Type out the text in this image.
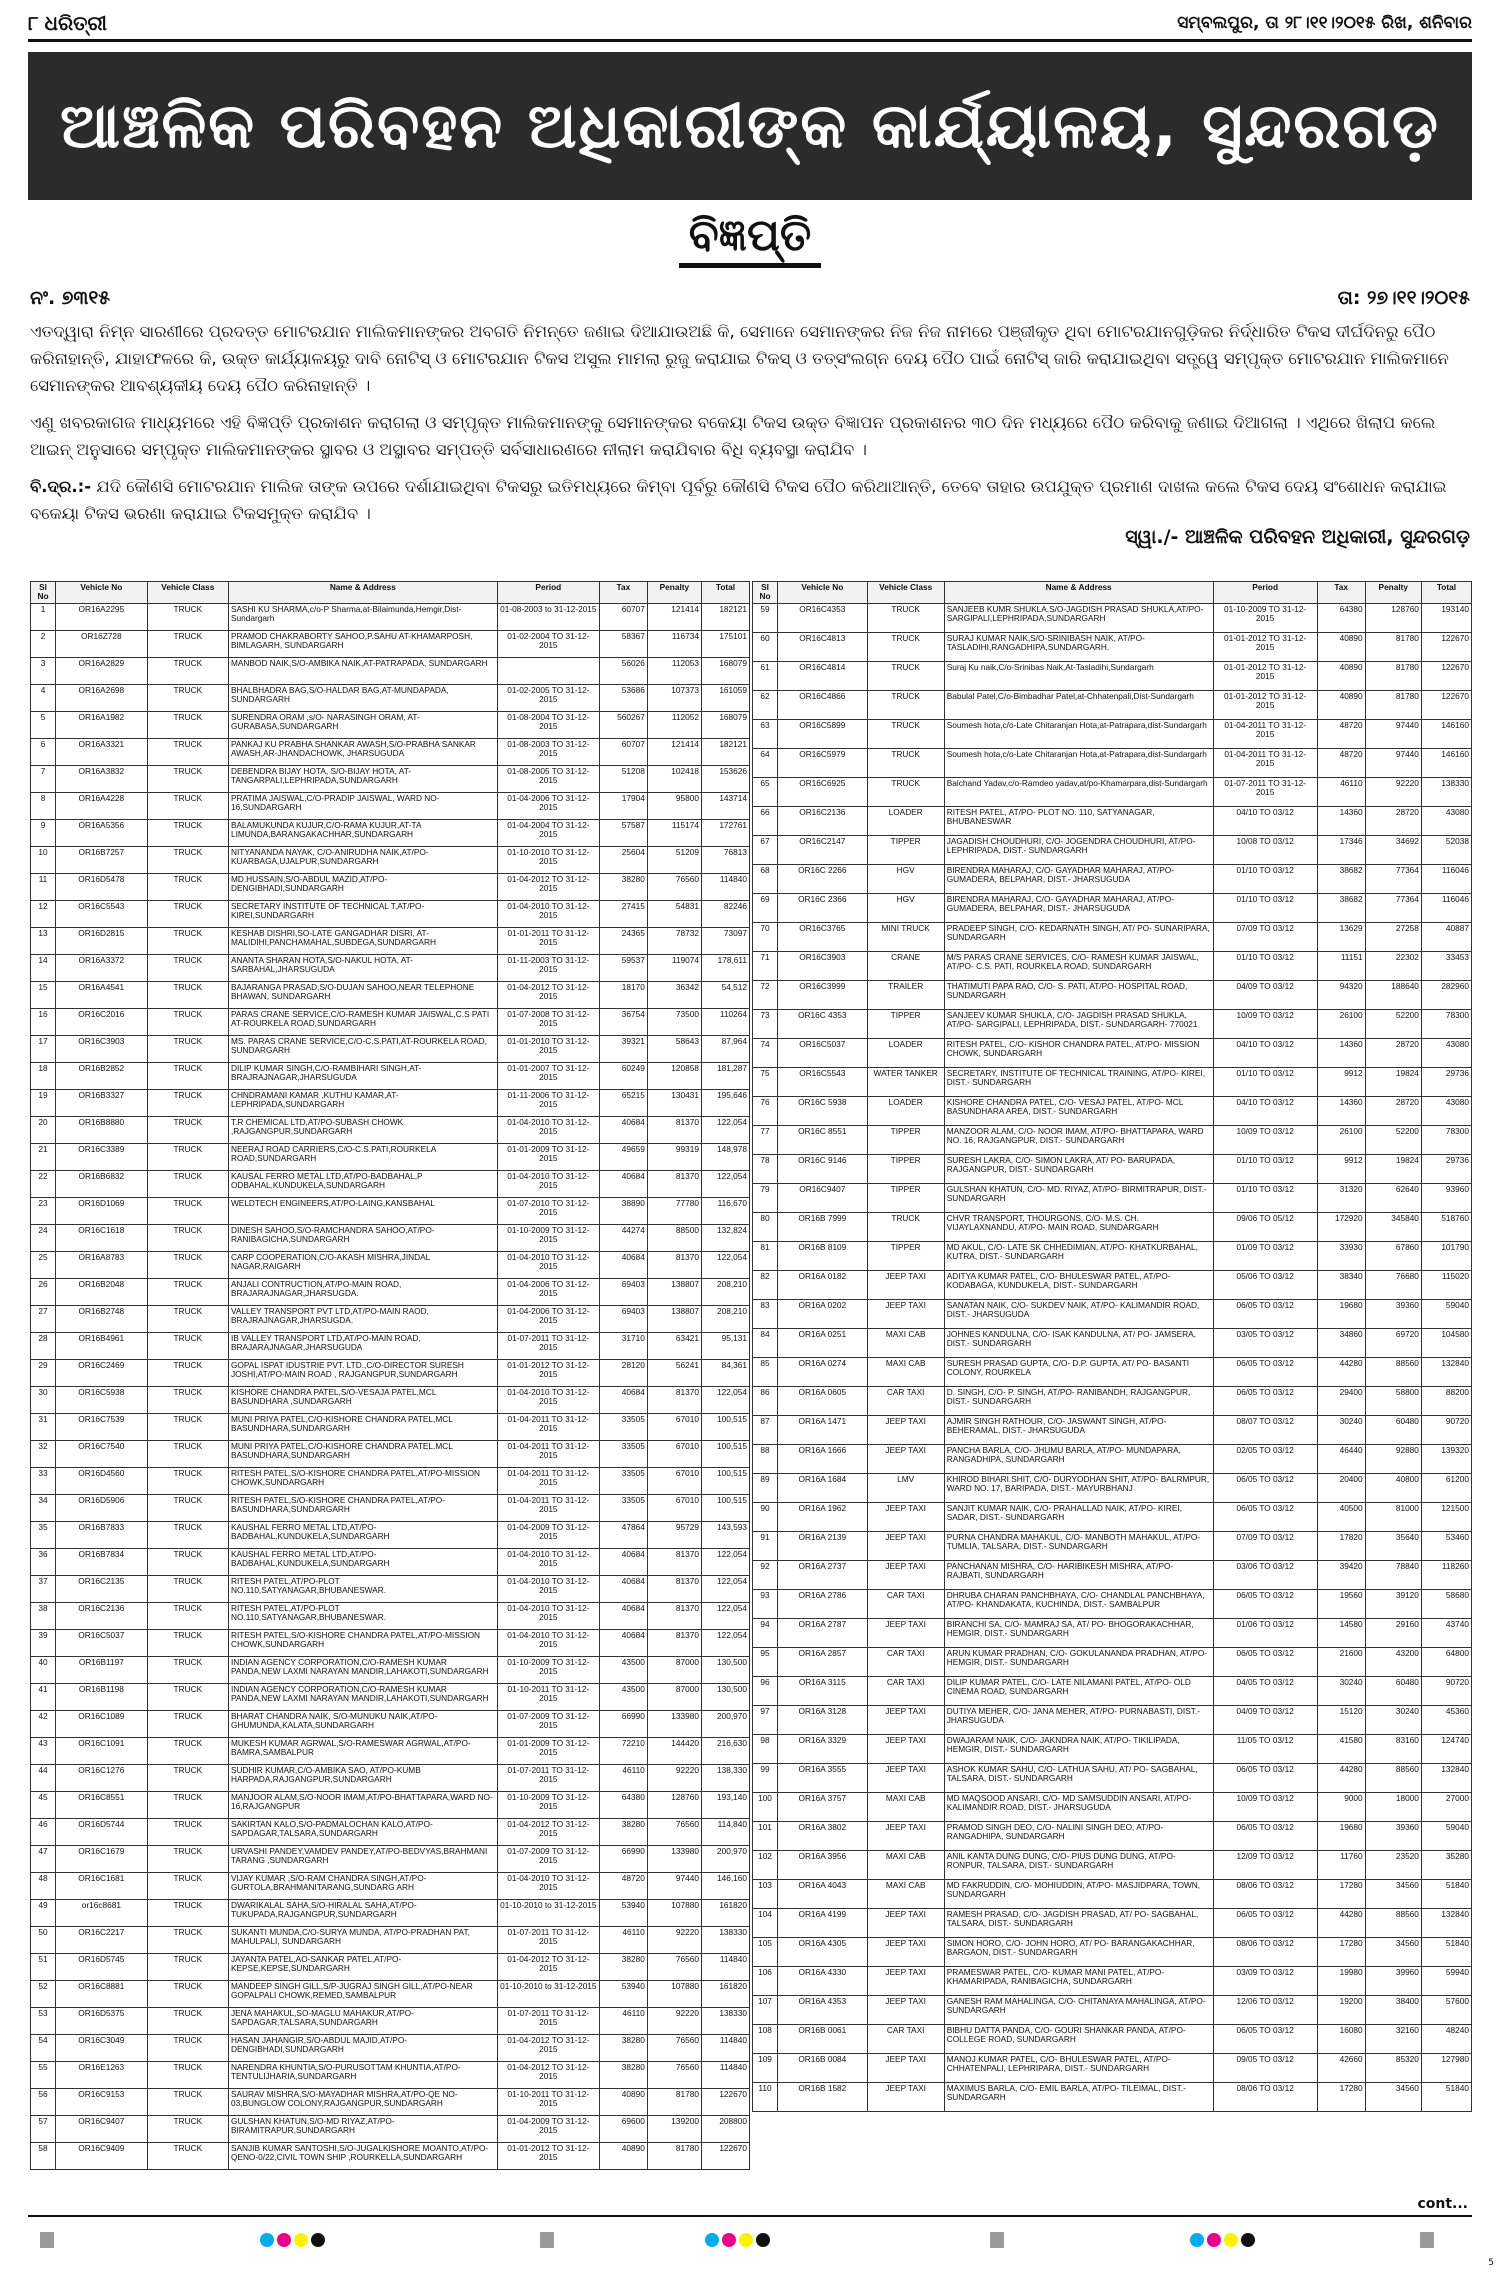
୮ ଧରିତ୍ରୀ	ସମ୍ବଲପୁର, ତା ୨୮।୧୧।୨୦୧୫ ରିଖ, ଶନିବାର
ଆଞ୍ଚଳିକ ପରିବହନ ଅଧିକାରୀଙ୍କ କାର୍ଯ୍ୟାଳୟ, ସୁନ୍ଦରଗଡ଼
ବିଜ୍ଞପ୍ତି
ନଂ. ୭୩୧୫	ତା: ୨୭।୧୧।୨୦୧୫

ଏତଦ୍ୱାରା ନିମ୍ନ ସାରଣୀରେ ପ୍ରଦତ୍ତ ମୋଟରଯାନ ମାଲିକମାନଙ୍କର ଅବଗତି ନିମନ୍ତେ ଜଣାଇ ଦିଆଯାଉଅଛି କି, ସେମାନେ ସେମାନଙ୍କର ନିଜ ନିଜ ନାମରେ ପଞ୍ଜୀକୃତ ଥିବା ମୋଟରଯାନଗୁଡ଼ିକର ନିର୍ଦ୍ଧାରିତ ଟିକସ ଦୀର୍ଘଦିନରୁ ପୈଠ କରିନାହାନ୍ତି, ଯାହାଫଳରେ କି, ଉକ୍ତ କାର୍ଯ୍ୟାଳୟରୁ ଦାବି ନୋଟିସ୍ ଓ ମୋଟରଯାନ ଟିକସ ଅସୁଲ ମାମଲା ରୁଜୁ କରାଯାଇ ଟିକସ୍ ଓ ତତ୍‌ସଂଲଗ୍ନ ଦେୟ ପୈଠ ପାଇଁ ନୋଟିସ୍ ଜାରି କରାଯାଇଥିବା ସତ୍ତ୍ୱେ ସମ୍ପୃକ୍ତ ମୋଟରଯାନ ମାଲିକମାନେ ସେମାନଙ୍କର ଆବଶ୍ୟକୀୟ ଦେୟ ପୈଠ କରିନାହାନ୍ତି ।

ଏଣୁ ଖବରକାଗଜ ମାଧ୍ୟମରେ ଏହି ବିଜ୍ଞପ୍ତି ପ୍ରକାଶନ କରାଗଲା ଓ ସମ୍ପୃକ୍ତ ମାଲିକମାନଙ୍କୁ ସେମାନଙ୍କର ବକେୟା ଟିକସ ଉକ୍ତ ବିଜ୍ଞାପନ ପ୍ରକାଶନର ୩୦ ଦିନ ମଧ୍ୟରେ ପୈଠ କରିବାକୁ ଜଣାଇ ଦିଆଗଲା । ଏଥିରେ ଖିଲାପ କଲେ ଆଇନ୍ ଅନୁସାରେ ସମ୍ପୃକ୍ତ ମାଲିକମାନଙ୍କର ସ୍ଥାବର ଓ ଅସ୍ଥାବର ସମ୍ପତ୍ତି ସର୍ବସାଧାରଣରେ ନୀଲାମ କରାଯିବାର ବିଧି ବ୍ୟବସ୍ଥା କରାଯିବ ।

ବି.ଦ୍ର.:- ଯଦି କୌଣସି ମୋଟରଯାନ ମାଲିକ ତାଙ୍କ ଉପରେ ଦର୍ଶାଯାଇଥିବା ଟିକସରୁ ଇତିମଧ୍ୟରେ କିମ୍ବା ପୂର୍ବରୁ କୌଣସି ଟିକସ ପୈଠ କରିଥାଆନ୍ତି, ତେବେ ତାହାର ଉପଯୁକ୍ତ ପ୍ରମାଣ ଦାଖଲ କଲେ ଟିକସ ଦେୟ ସଂଶୋଧନ କରାଯାଇ ବକେୟା ଟିକସ ଭରଣା କରାଯାଇ ଟିକସମୁକ୍ତ କରାଯିବ ।

ସ୍ୱା./- ଆଞ୍ଚଳିକ ପରିବହନ ଅଧିକାରୀ, ସୁନ୍ଦରଗଡ଼
Sl No	Vehicle No	Vehicle Class	Name & Address	Period	Tax	Penalty	Total
1	OR16A2295	TRUCK	SASHI KU SHARMA,c/o-P Sharma,at-Bilaimunda,Hemgir,Dist-Sundargarh	01-08-2003 to 31-12-2015	60707	121414	182121
2	OR16Z728	TRUCK	PRAMOD CHAKRABORTY SAHOO,P.SAHU AT-KHAMARPOSH, BIMLAGARH, SUNDARGARH	01-02-2004 TO 31-12-2015	58367	116734	175101
3	OR16A2829	TRUCK	MANBOD NAIK,S/O-AMBIKA NAIK,AT-PATRAPADA, SUNDARGARH		56026	112053	168079
4	OR16A2698	TRUCK	BHALBHADRA BAG,S/O-HALDAR BAG,AT-MUNDAPADA, SUNDARGARH	01-02-2005 TO 31-12-2015	53686	107373	161059
5	OR16A1982	TRUCK	SURENDRA ORAM ,s/O- NARASINGH ORAM, AT-GURABASA,SUNDARGARH	01-08-2004 TO 31-12-2015	560267	112052	168079
6	OR16A3321	TRUCK	PANKAJ KU PRABHA SHANKAR AWASH,S/O-PRABHA SANKAR AWASH,AR-JHANDACHOWK, JHARSUGUDA	01-08-2003 TO 31-12-2015	60707	121414	182121
7	OR16A3832	TRUCK	DEBENDRA BIJAY HOTA, S/O-BIJAY HOTA, AT-TANGARPALI,LEPHRIPADA,SUNDARGARH	01-08-2005 TO 31-12-2015	51208	102418	153626
8	OR16A4228	TRUCK	PRATIMA JAISWAL,C/O-PRADIP JAISWAL, WARD NO-16,SUNDARGARH	01-04-2006 TO 31-12-2015	17904	95800	143714
9	OR16A5356	TRUCK	BALAMUKUNDA KUJUR,C/O-RAMA KUJUR,AT-TA LIMUNDA,BARANGAKACHHAR,SUNDARGARH	01-04-2004 TO 31-12-2015	57587	115174	172761
10	OR16B7257	TRUCK	NITYANANDA NAYAK, C/O-ANIRUDHA NAIK,AT/PO-KUARBAGA,UJALPUR,SUNDARGARH	01-10-2010 TO 31-12-2015	25604	51209	76813
11	OR16D5478	TRUCK	MD.HUSSAIN,S/O-ABDUL MAZID,AT/PO-DENGIBHADI,SUNDARGARH	01-04-2012 TO 31-12-2015	38280	76560	114840
12	OR16C5543	TRUCK	SECRETARY INSTITUTE OF TECHNICAL T,AT/PO-KIREI,SUNDARGARH	01-04-2010 TO 31-12-2015	27415	54831	82246
13	OR16D2815	TRUCK	KESHAB DISHRI,SO-LATE GANGADHAR DISRI, AT-MALIDIHI,PANCHAMAHAL,SUBDEGA,SUNDARGARH	01-01-2011 TO 31-12-2015	24365	78732	73097
14	OR16A3372	TRUCK	ANANTA SHARAN HOTA,S/O-NAKUL HOTA, AT-SARBAHAL,JHARSUGUDA	01-11-2003 TO 31-12-2015	59537	119074	178,611
15	OR16A4541	TRUCK	BAJARANGA PRASAD,S/O-DUJAN SAHOO,NEAR TELEPHONE BHAWAN, SUNDARGARH	01-04-2012 TO 31-12-2015	18170	36342	54,512
16	OR16C2016	TRUCK	PARAS CRANE SERVICE,C/O-RAMESH KUMAR JAISWAL,C.S PATI AT-ROURKELA ROAD,SUNDARGARH	01-07-2008 TO 31-12-2015	36754	73500	110264
17	OR16C3903	TRUCK	MS. PARAS CRANE SERVICE,C/O-C.S.PATI,AT-ROURKELA ROAD, SUNDARGARH	01-01-2010 TO 31-12-2015	39321	58643	87,964
18	OR16B2852	TRUCK	DILIP KUMAR SINGH,C/O-RAMBIHARI SINGH,AT-BRAJRAJNAGAR,JHARSUGUDA	01-01-2007 TO 31-12-2015	60249	120858	181,287
19	OR16B3327	TRUCK	CHNDRAMANI KAMAR ,KUTHU KAMAR,AT-LEPHRIPADA,SUNDARGARH	01-11-2006 TO 31-12-2015	65215	130431	195,646
20	OR16B8880	TRUCK	T.R CHEMICAL LTD,AT/PO-SUBASH CHOWK ,RAJGANGPUR,SUNDARGARH	01-04-2010 TO 31-12-2015	40684	81370	122,054
21	OR16C3389	TRUCK	NEERAJ ROAD CARRIERS,C/O-C.S.PATI,ROURKELA ROAD,SUNDARGARH	01-01-2009 TO 31-12-2015	49659	99319	148,978
22	OR16B6832	TRUCK	KAUSAL FERRO METAL LTD,AT/PO-BADBAHAL,P ODBAHAL,KUNDUKELA,SUNDARGARH	01-04-2010 TO 31-12-2015	40684	81370	122,054
23	OR16D1069	TRUCK	WELDTECH ENGINEERS,AT/PO-LAING,KANSBAHAL	01-07-2010 TO 31-12-2015	38890	77780	116,670
24	OR16C1618	TRUCK	DINESH SAHOO,S/O-RAMCHANDRA SAHOO,AT/PO-RANIBAGICHA,SUNDARGARH	01-10-2009 TO 31-12-2015	44274	88500	132,824
25	OR16A8783	TRUCK	CARP COOPERATION,C/O-AKASH MISHRA,JINDAL NAGAR,RAIGARH	01-04-2010 TO 31-12-2015	40684	81370	122,054
26	OR16B2048	TRUCK	ANJALI CONTRUCTION,AT/PO-MAIN ROAD, BRAJARAJNAGAR,JHARSUGDA.	01-04-2006 TO 31-12-2015	69403	138807	208,210
27	OR16B2748	TRUCK	VALLEY TRANSPORT PVT LTD,AT/PO-MAIN RAOD, BRAJRAJNAGAR,JHARSUGDA.	01-04-2006 TO 31-12-2015	69403	138807	208,210
28	OR16B4961	TRUCK	IB VALLEY TRANSPORT LTD,AT/PO-MAIN ROAD, BRAJARAJNAGAR,JHARSUGUDA	01-07-2011 TO 31-12-2015	31710	63421	95,131
29	OR16C2469	TRUCK	GOPAL ISPAT IDUSTRIE PVT. LTD.,C/O-DIRECTOR SURESH JOSHI,AT/PO-MAIN ROAD , RAJGANGPUR,SUNDARGARH	01-01-2012 TO 31-12-2015	28120	56241	84,361
30	OR16C5938	TRUCK	KISHORE CHANDRA PATEL,S/O-VESAJA PATEL,MCL BASUNDHARA ,SUNDARGARH	01-04-2010 TO 31-12-2015	40684	81370	122,054
31	OR16C7539	TRUCK	MUNI PRIYA PATEL,C/O-KISHORE CHANDRA PATEL,MCL BASUNDHARA,SUNDARGARH	01-04-2011 TO 31-12-2015	33505	67010	100,515
32	OR16C7540	TRUCK	MUNI PRIYA PATEL,C/O-KISHORE CHANDRA PATEL,MCL BASUNDHARA,SUNDARGARH	01-04-2011 TO 31-12-2015	33505	67010	100,515
33	OR16D4560	TRUCK	RITESH PATEL,S/O-KISHORE CHANDRA PATEL,AT/PO-MISSION CHOWK,SUNDARGARH	01-04-2011 TO 31-12-2015	33505	67010	100,515
34	OR16D5906	TRUCK	RITESH PATEL,S/O-KISHORE CHANDRA PATEL,AT/PO-BASUNDHARA,SUNDARGARH	01-04-2011 TO 31-12-2015	33505	67010	100,515
35	OR16B7833	TRUCK	KAUSHAL FERRO METAL LTD,AT/PO-BADBAHAL,KUNDUKELA,SUNDARGARH	01-04-2009 TO 31-12-2015	47864	95729	143,593
36	OR16B7834	TRUCK	KAUSHAL FERRO METAL LTD,AT/PO-BADBAHAL,KUNDUKELA,SUNDARGARH	01-04-2010 TO 31-12-2015	40684	81370	122,054
37	OR16C2135	TRUCK	RITESH PATEL,AT/PO-PLOT NO.110,SATYANAGAR,BHUBANESWAR.	01-04-2010 TO 31-12-2015	40684	81370	122,054
38	OR16C2136	TRUCK	RITESH PATEL,AT/PO-PLOT NO.110,SATYANAGAR,BHUBANESWAR.	01-04-2010 TO 31-12-2015	40684	81370	122,054
39	OR16C5037	TRUCK	RITESH PATEL,S/O-KISHORE CHANDRA PATEL,AT/PO-MISSION CHOWK,SUNDARGARH	01-04-2010 TO 31-12-2015	40684	81370	122,054
40	OR16B1197	TRUCK	INDIAN AGENCY CORPORATION,C/O-RAMESH KUMAR PANDA,NEW LAXMI NARAYAN MANDIR,LAHAKOTI,SUNDARGARH	01-10-2009 TO 31-12-2015	43500	87000	130,500
41	OR16B1198	TRUCK	INDIAN AGENCY CORPORATION,C/O-RAMESH KUMAR PANDA,NEW LAXMI NARAYAN MANDIR,LAHAKOTI,SUNDARGARH	01-10-2011 TO 31-12-2015	43500	87000	130,500
42	OR16C1089	TRUCK	BHARAT CHANDRA NAIK, S/O-MUNUKU NAIK,AT/PO-GHUMUNDA,KALATA,SUNDARGARH	01-07-2009 TO 31-12-2015	66990	133980	200,970
43	OR16C1091	TRUCK	MUKESH KUMAR AGRWAL,S/O-RAMESWAR AGRWAL,AT/PO-BAMRA,SAMBALPUR	01-01-2009 TO 31-12-2015	72210	144420	216,630
44	OR16C1276	TRUCK	SUDHIR KUMAR,C/O-AMBIKA SAO, AT/PO-KUMB HARPADA,RAJGANGPUR,SUNDARGARH	01-07-2011 TO 31-12-2015	46110	92220	138,330
45	OR16C8551	TRUCK	MANJOOR ALAM,S/O-NOOR IMAM,AT/PO-BHATTAPARA,WARD NO-16,RAJGANGPUR	01-10-2009 TO 31-12-2015	64380	128760	193,140
46	OR16D5744	TRUCK	SAKIRTAN KALO,S/O-PADMALOCHAN KALO,AT/PO-SAPDAGAR,TALSARA,SUNDARGARH	01-04-2012 TO 31-12-2015	38280	76560	114,840
47	OR16C1679	TRUCK	URVASHI PANDEY,VAMDEV PANDEY,AT/PO-BEDVYAS,BRAHMANI TARANG ,SUNDARGARH	01-07-2009 TO 31-12-2015	66990	133980	200,970
48	OR16C1681	TRUCK	VIJAY KUMAR ,S/O-RAM CHANDRA SINGH,AT/PO-GURTOLA,BRAHMANITARANG,SUNDARG ARH	01-04-2010 TO 31-12-2015	48720	97440	146,160
49	or16c8681	TRUCK	DWARIKALAL SAHA,S/O-HIRALAL SAHA,AT/PO-TUKUPADA,RAJGANGPUR,SUNDARGARH	01-10-2010 to 31-12-2015	53940	107880	161820
50	OR16C2217	TRUCK	SUKANTI MUNDA,C/O-SURYA MUNDA, AT/PO-PRADHAN PAT, MAHULPALI, SUNDARGARH	01-07-2011 TO 31-12-2015	46110	92220	138330
51	OR16D5745	TRUCK	JAYANTA PATEL,AO-SANKAR PATEL,AT/PO-KEPSE,KEPSE,SUNDARGARH	01-04-2012 TO 31-12-2015	38280	76560	114840
52	OR16C8881	TRUCK	MANDEEP SINGH GILL,S/P-JUGRAJ SINGH GILL,AT/PO-NEAR GOPALPALI CHOWK,REMED,SAMBALPUR	01-10-2010 to 31-12-2015	53940	107880	161820
53	OR16D5375	TRUCK	JENA MAHAKUL,SO-MAGLU MAHAKUR,AT/PO-SAPDAGAR,TALSARA,SUNDARGARH	01-07-2011 TO 31-12-2015	46110	92220	138330
54	OR16C3049	TRUCK	HASAN JAHANGIR,S/O-ABDUL MAJID,AT/PO-DENGIBHADI,SUNDARGARH	01-04-2012 TO 31-12-2015	38280	76560	114840
55	OR16E1263	TRUCK	NARENDRA KHUNTIA,S/O-PURUSOTTAM KHUNTIA,AT/PO-TENTULIJHARIA,SUNDARGARH	01-04-2012 TO 31-12-2015	38280	76560	114840
56	OR16C9153	TRUCK	SAURAV MISHRA,S/O-MAYADHAR MISHRA,AT/PO-QE NO-03,BUNGLOW COLONY,RAJGANGPUR,SUNDARGARH	01-10-2011 TO 31-12-2015	40890	81780	122670
57	OR16C9407	TRUCK	GULSHAN KHATUN,S/O-MD RIYAZ,AT/PO-BIRAMITRAPUR,SUNDARGARH	01-04-2009 TO 31-12-2015	69600	139200	208800
58	OR16C9409	TRUCK	SANJIB KUMAR SANTOSHI,S/O-JUGALKISHORE MOANTO,AT/PO-QENO-0/22,CIVIL TOWN SHIP ,ROURKELLA,SUNDARGARH	01-01-2012 TO 31-12-2015	40890	81780	122670
Sl No	Vehicle No	Vehicle Class	Name & Address	Period	Tax	Penalty	Total
59	OR16C4353	TRUCK	SANJEEB KUMR SHUKLA,S/O-JAGDISH PRASAD SHUKLA,AT/PO-SARGIPALI,LEPHRIPADA,SUNDARGARH	01-10-2009 TO 31-12-2015	64380	128760	193140
60	OR16C4813	TRUCK	SURAJ KUMAR NAIK,S/O-SRINIBASH NAIK, AT/PO-TASLADIHI,RANGADHIPA,SUNDARGARH.	01-01-2012 TO 31-12-2015	40890	81780	122670
61	OR16C4814	TRUCK	Suraj Ku naik,C/o-Srinibas Naik,At-Tasladihi,Sundargarh	01-01-2012 TO 31-12-2015	40890	81780	122670
62	OR16C4866	TRUCK	Babulal Patel,C/o-Bimbadhar Patel,at-Chhatenpali,Dist-Sundargarh	01-01-2012 TO 31-12-2015	40890	81780	122670
63	OR16C5899	TRUCK	Soumesh hota,c/o-Late Chitaranjan Hota,at-Patrapara,dist-Sundargarh	01-04-2011 TO 31-12-2015	48720	97440	146160
64	OR16C5979	TRUCK	Soumesh hota,c/o-Late Chitaranjan Hota,at-Patrapara,dist-Sundargarh	01-04-2011 TO 31-12-2015	48720	97440	146160
65	OR16C6925	TRUCK	Balchand Yadav,c/o-Ramdeo yadav,at/po-Khamarpara,dist-Sundargarh	01-07-2011 TO 31-12-2015	46110	92220	138330
66	OR16C2136	LOADER	RITESH PATEL, AT/PO- PLOT NO. 110, SATYANAGAR, BHUBANESWAR	04/10 TO 03/12	14360	28720	43080
67	OR16C2147	TIPPER	JAGADISH CHOUDHURI, C/O- JOGENDRA CHOUDHURI, AT/PO- LEPHRIPADA, DIST.- SUNDARGARH	10/08 TO 03/12	17346	34692	52038
68	OR16C 2266	HGV	BIRENDRA MAHARAJ, C/O- GAYADHAR MAHARAJ, AT/PO- GUMADERA, BELPAHAR, DIST.- JHARSUGUDA	01/10 TO 03/12	38682	77364	116046
69	OR16C 2366	HGV	BIRENDRA MAHARAJ, C/O- GAYADHAR MAHARAJ, AT/PO- GUMADERA, BELPAHAR, DIST.- JHARSUGUDA	01/10 TO 03/12	38682	77364	116046
70	OR16C3765	MINI TRUCK	PRADEEP SINGH, C/O- KEDARNATH SINGH, AT/ PO- SUNARIPARA, SUNDARGARH	07/09 TO 03/12	13629	27258	40887
71	OR16C3903	CRANE	M/S PARAS CRANE SERVICES, C/O- RAMESH KUMAR JAISWAL, AT/PO- C.S. PATI, ROURKELA ROAD, SUNDARGARH	01/10 TO 03/12	11151	22302	33453
72	OR16C3999	TRAILER	THATIMUTI PAPA RAO, C/O- S. PATI, AT/PO- HOSPITAL ROAD, SUNDARGARH	04/09 TO 03/12	94320	188640	282960
73	OR16C 4353	TIPPER	SANJEEV KUMAR SHUKLA, C/O- JAGDISH PRASAD SHUKLA, AT/PO- SARGIPALI, LEPHRIPADA, DIST.- SUNDARGARH- 770021	10/09 TO 03/12	26100	52200	78300
74	OR16C5037	LOADER	RITESH PATEL, C/O- KISHOR CHANDRA PATEL, AT/PO- MISSION CHOWK, SUNDARGARH	04/10 TO 03/12	14360	28720	43080
75	OR16C5543	WATER TANKER	SECRETARY, INSTITUTE OF TECHNICAL TRAINING, AT/PO- KIREI, DIST.- SUNDARGARH	01/10 TO 03/12	9912	19824	29736
76	OR16C 5938	LOADER	KISHORE CHANDRA PATEL, C/O- VESAJ PATEL, AT/PO- MCL BASUNDHARA AREA, DIST.- SUNDARGARH	04/10 TO 03/12	14360	28720	43080
77	OR16C 8551	TIPPER	MANZOOR ALAM, C/O- NOOR IMAM, AT/PO- BHATTAPARA, WARD NO. 16, RAJGANGPUR, DIST.- SUNDARGARH	10/09 TO 03/12	26100	52200	78300
78	OR16C 9146	TIPPER	SURESH LAKRA, C/O- SIMON LAKRA, AT/ PO- BARUPADA, RAJGANGPUR, DIST.- SUNDARGARH	01/10 TO 03/12	9912	19824	29736
79	OR16C9407	TIPPER	GULSHAN KHATUN, C/O- MD. RIYAZ, AT/PO- BIRMITRAPUR, DIST.- SUNDARGARH	01/10 TO 03/12	31320	62640	93960
80	OR16B 7999	TRUCK	CHVR TRANSPORT, THOURGONS, C/O- M.S. CH. VIJAYLAXNANDU, AT/PO- MAIN ROAD, SUNDARGARH	09/06 TO 05/12	172920	345840	518760
81	OR16B 8109	TIPPER	MD AKUL, C/O- LATE SK CHHEDIMIAN, AT/PO- KHATKURBAHAL, KUTRA, DIST.- SUNDARGARH	01/09 TO 03/12	33930	67860	101790
82	OR16A 0182	JEEP TAXI	ADITYA KUMAR PATEL, C/O- BHULESWAR PATEL, AT/PO- KODABAGA, KUNDUKELA, DIST.- SUNDARGARH	05/06 TO 03/12	38340	76680	115020
83	OR16A 0202	JEEP TAXI	SANATAN NAIK, C/O- SUKDEV NAIK, AT/PO- KALIMANDIR ROAD, DIST.- JHARSUGUDA	06/05 TO 03/12	19680	39360	59040
84	OR16A 0251	MAXI CAB	JOHNES KANDULNA, C/O- ISAK KANDULNA, AT/ PO- JAMSERA, DIST.- SUNDARGARH	03/05 TO 03/12	34860	69720	104580
85	OR16A 0274	MAXI CAB	SURESH PRASAD GUPTA, C/O- D.P. GUPTA, AT/ PO- BASANTI COLONY, ROURKELA	06/05 TO 03/12	44280	88560	132840
86	OR16A 0605	CAR TAXI	D. SINGH, C/O- P. SINGH, AT/PO- RANIBANDH, RAJGANGPUR, DIST.- SUNDARGARH	06/05 TO 03/12	29400	58800	88200
87	OR16A 1471	JEEP TAXI	AJMIR SINGH RATHOUR, C/O- JASWANT SINGH, AT/PO- BEHERAMAL, DIST.- JHARSUGUDA	08/07 TO 03/12	30240	60480	90720
88	OR16A 1666	JEEP TAXI	PANCHA BARLA, C/O- JHUMU BARLA, AT/PO- MUNDAPARA, RANGADHIPA, SUNDARGARH	02/05 TO 03/12	46440	92880	139320
89	OR16A 1684	LMV	KHIROD BIHARI SHIT, C/O- DURYODHAN SHIT, AT/PO- BALRMPUR, WARD NO. 17, BARIPADA, DIST.- MAYURBHANJ	06/05 TO 03/12	20400	40800	61200
90	OR16A 1962	JEEP TAXI	SANJIT KUMAR NAIK, C/O- PRAHALLAD NAIK, AT/PO- KIREI, SADAR, DIST.- SUNDARGARH	06/05 TO 03/12	40500	81000	121500
91	OR16A 2139	JEEP TAXI	PURNA CHANDRA MAHAKUL, C/O- MANBOTH MAHAKUL, AT/PO- TUMLIA, TALSARA, DIST.- SUNDARGARH	07/09 TO 03/12	17820	35640	53460
92	OR16A 2737	JEEP TAXI	PANCHANAN MISHRA, C/O- HARIBIKESH MISHRA, AT/PO- RAJBATI, SUNDARGARH	03/06 TO 03/12	39420	78840	118260
93	OR16A 2786	CAR TAXI	DHRUBA CHARAN PANCHBHAYA, C/O- CHANDLAL PANCHBHAYA, AT/PO- KHANDAKATA, KUCHINDA, DIST.- SAMBALPUR	06/05 TO 03/12	19560	39120	58680
94	OR16A 2787	JEEP TAXI	BIRANCHI SA, C/O- MAMRAJ SA, AT/ PO- BHOGORAKACHHAR, HEMGIR, DIST.- SUNDARGARH	01/06 TO 03/12	14580	29160	43740
95	OR16A 2857	CAR TAXI	ARUN KUMAR PRADHAN, C/O- GOKULANANDA PRADHAN, AT/PO- HEMGIR, DIST.- SUNDARGARH	06/05 TO 03/12	21600	43200	64800
96	OR16A 3115	CAR TAXI	DILIP KUMAR PATEL, C/O- LATE NILAMANI PATEL, AT/PO- OLD CINEMA ROAD, SUNDARGARH	04/05 TO 03/12	30240	60480	90720
97	OR16A 3128	JEEP TAXI	DUTIYA MEHER, C/O- JANA MEHER, AT/PO- PURNABASTI, DIST.- JHARSUGUDA	04/09 TO 03/12	15120	30240	45360
98	OR16A 3329	JEEP TAXI	DWAJARAM NAIK, C/O- JAKNDRA NAIK, AT/PO- TIKILIPADA, HEMGIR, DIST.- SUNDARGARH	11/05 TO 03/12	41580	83160	124740
99	OR16A 3555	JEEP TAXI	ASHOK KUMAR SAHU, C/O- LATHUA SAHU, AT/ PO- SAGBAHAL, TALSARA, DIST.- SUNDARGARH	06/05 TO 03/12	44280	88560	132840
100	OR16A 3757	MAXI CAB	MD MAQSOOD ANSARI, C/O- MD SAMSUDDIN ANSARI, AT/PO- KALIMANDIR ROAD, DIST.- JHARSUGUDA	10/09 TO 03/12	9000	18000	27000
101	OR16A 3802	JEEP TAXI	PRAMOD SINGH DEO, C/O- NALINI SINGH DEO, AT/PO- RANGADHIPA, SUNDARGARH	06/05 TO 03/12	19680	39360	59040
102	OR16A 3956	MAXI CAB	ANIL KANTA DUNG DUNG, C/O- PIUS DUNG DUNG, AT/PO- RONPUR, TALSARA, DIST.- SUNDARGARH	12/09 TO 03/12	11760	23520	35280
103	OR16A 4043	MAXI CAB	MD FAKRUDDIN, C/O- MOHIUDDIN, AT/PO- MASJIDPARA, TOWN, SUNDARGARH	08/06 TO 03/12	17280	34560	51840
104	OR16A 4199	JEEP TAXI	RAMESH PRASAD, C/O- JAGDISH PRASAD, AT/ PO- SAGBAHAL, TALSARA, DIST.- SUNDARGARH	06/05 TO 03/12	44280	88560	132840
105	OR16A 4305	JEEP TAXI	SIMON HORO, C/O- JOHN HORO, AT/ PO- BARANGAKACHHAR, BARGAON, DIST.- SUNDARGARH	08/06 TO 03/12	17280	34560	51840
106	OR16A 4330	JEEP TAXI	PRAMESWAR PATEL, C/O- KUMAR MANI PATEL, AT/PO- KHAMARIPADA, RANIBAGICHA, SUNDARGARH	03/09 TO 03/12	19980	39960	59940
107	OR16A 4353	JEEP TAXI	GANESH RAM MAHALINGA, C/O- CHITANAYA MAHALINGA, AT/PO- SUNDARGARH	12/06 TO 03/12	19200	38400	57600
108	OR16B 0061	CAR TAXI	BIBHU DATTA PANDA, C/O- GOURI SHANKAR PANDA, AT/PO- COLLEGE ROAD, SUNDARGARH	06/05 TO 03/12	16080	32160	48240
109	OR16B 0084	JEEP TAXI	MANOJ KUMAR PATEL, C/O- BHULESWAR PATEL, AT/PO- CHHATENPALI, LEPHRIPARA, DIST.- SUNDARGARH	09/05 TO 03/12	42660	85320	127980
110	OR16B 1582	JEEP TAXI	MAXIMUS BARLA, C/O- EMIL BARLA, AT/PO- TILEIMAL, DIST.- SUNDARGARH	08/06 TO 03/12	17280	34560	51840
cont...
5
